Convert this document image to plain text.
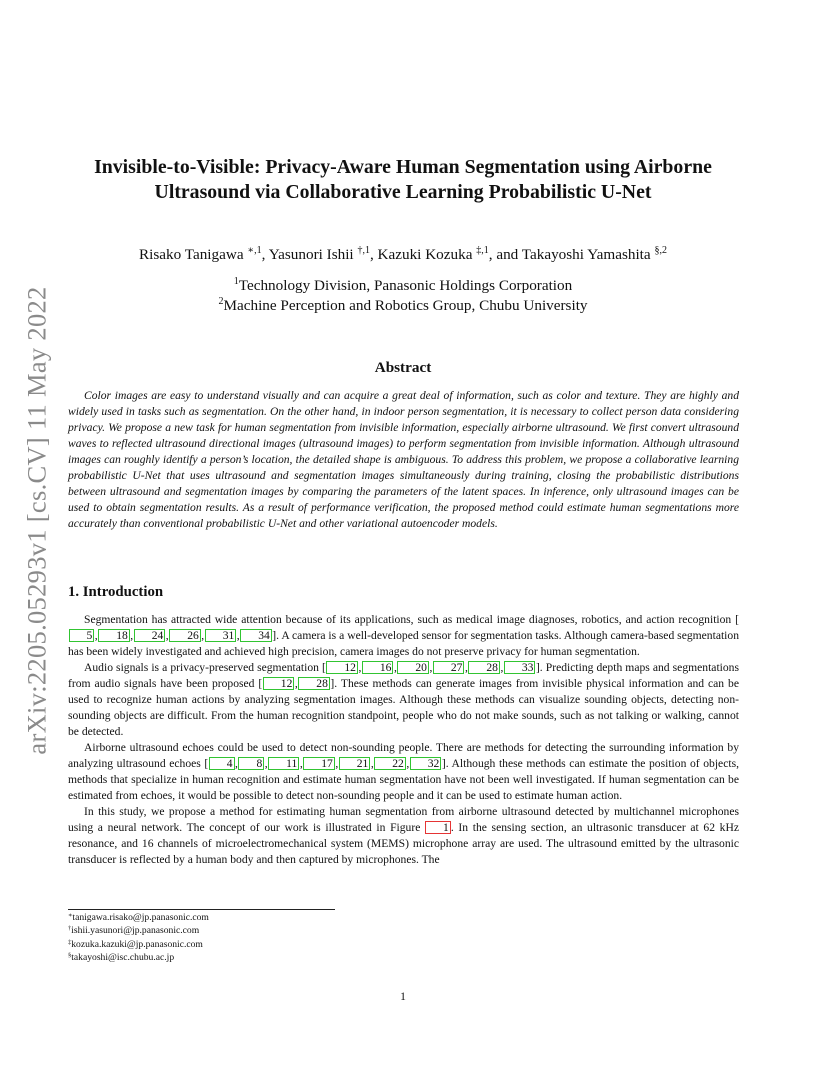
arXiv:2205.05293v1 [cs.CV] 11 May 2022
Invisible-to-Visible: Privacy-Aware Human Segmentation using Airborne Ultrasound via Collaborative Learning Probabilistic U-Net
Risako Tanigawa $^{∗,1}$, Yasunori Ishii $^{\dagger,1}$, Kazuki Kozuka $^{\ddagger,1}$, and Takayoshi Yamashita $^{\S,2}$
$^1$Technology Division, Panasonic Holdings Corporation
$^2$Machine Perception and Robotics Group, Chubu University
Abstract
Color images are easy to understand visually and can acquire a great deal of information, such as color and texture. They are highly and widely used in tasks such as segmentation. On the other hand, in indoor person segmentation, it is necessary to collect person data considering privacy. We propose a new task for human segmentation from invisible information, especially airborne ultrasound. We first convert ultrasound waves to reflected ultrasound directional images (ultrasound images) to perform segmentation from invisible information. Although ultrasound images can roughly identify a person’s location, the detailed shape is ambiguous. To address this problem, we propose a collaborative learning probabilistic U-Net that uses ultrasound and segmentation images simultaneously during training, closing the probabilistic distributions between ultrasound and segmentation images by comparing the parameters of the latent spaces. In inference, only ultrasound images can be used to obtain segmentation results. As a result of performance verification, the proposed method could estimate human segmentations more accurately than conventional probabilistic U-Net and other variational autoencoder models.
1. Introduction

Segmentation has attracted wide attention because of its applications, such as medical image diagnoses, robotics, and action recognition [5 , 18 , 24 , 26 , 31 , 34 ]. A camera is a well-developed sensor for segmentation tasks. Although camera-based segmentation has been widely investigated and achieved high precision, camera images do not preserve privacy for human segmentation.

Audio signals is a privacy-preserved segmentation [ 12 , 16 , 20 , 27 , 28 , 33 ]. Predicting depth maps and segmentations from audio signals have been proposed [ 12 , 28 ]. These methods can generate images from invisible physical information and can be used to recognize human actions by analyzing segmentation images. Although these methods can visualize sounding objects, detecting non-sounding objects are difficult. From the human recognition standpoint, people who do not make sounds, such as not talking or walking, cannot be detected.

Airborne ultrasound echoes could be used to detect non-sounding people. There are methods for detecting the surrounding information by analyzing ultrasound echoes [ 4 , 8 , 11 , 17 , 21 , 22 , 32 ]. Although these methods can estimate the position of objects, methods that specialize in human recognition and estimate human segmentation have not been well investigated. If human segmentation can be estimated from echoes, it would be possible to detect non-sounding people and it can be used to estimate human action.

In this study, we propose a method for estimating human segmentation from airborne ultrasound detected by multichannel microphones using a neural network. The concept of our work is illustrated in Figure 1 . In the sensing section, an ultrasonic transducer at 62 kHz resonance, and 16 channels of microelectromechanical system (MEMS) microphone array are used. The ultrasound emitted by the ultrasonic transducer is reflected by a human body and then captured by microphones. The

∗tanigawa.risako@jp.panasonic.com
†ishii.yasunori@jp.panasonic.com
‡kozuka.kazuki@jp.panasonic.com
§takayoshi@isc.chubu.ac.jp
1
